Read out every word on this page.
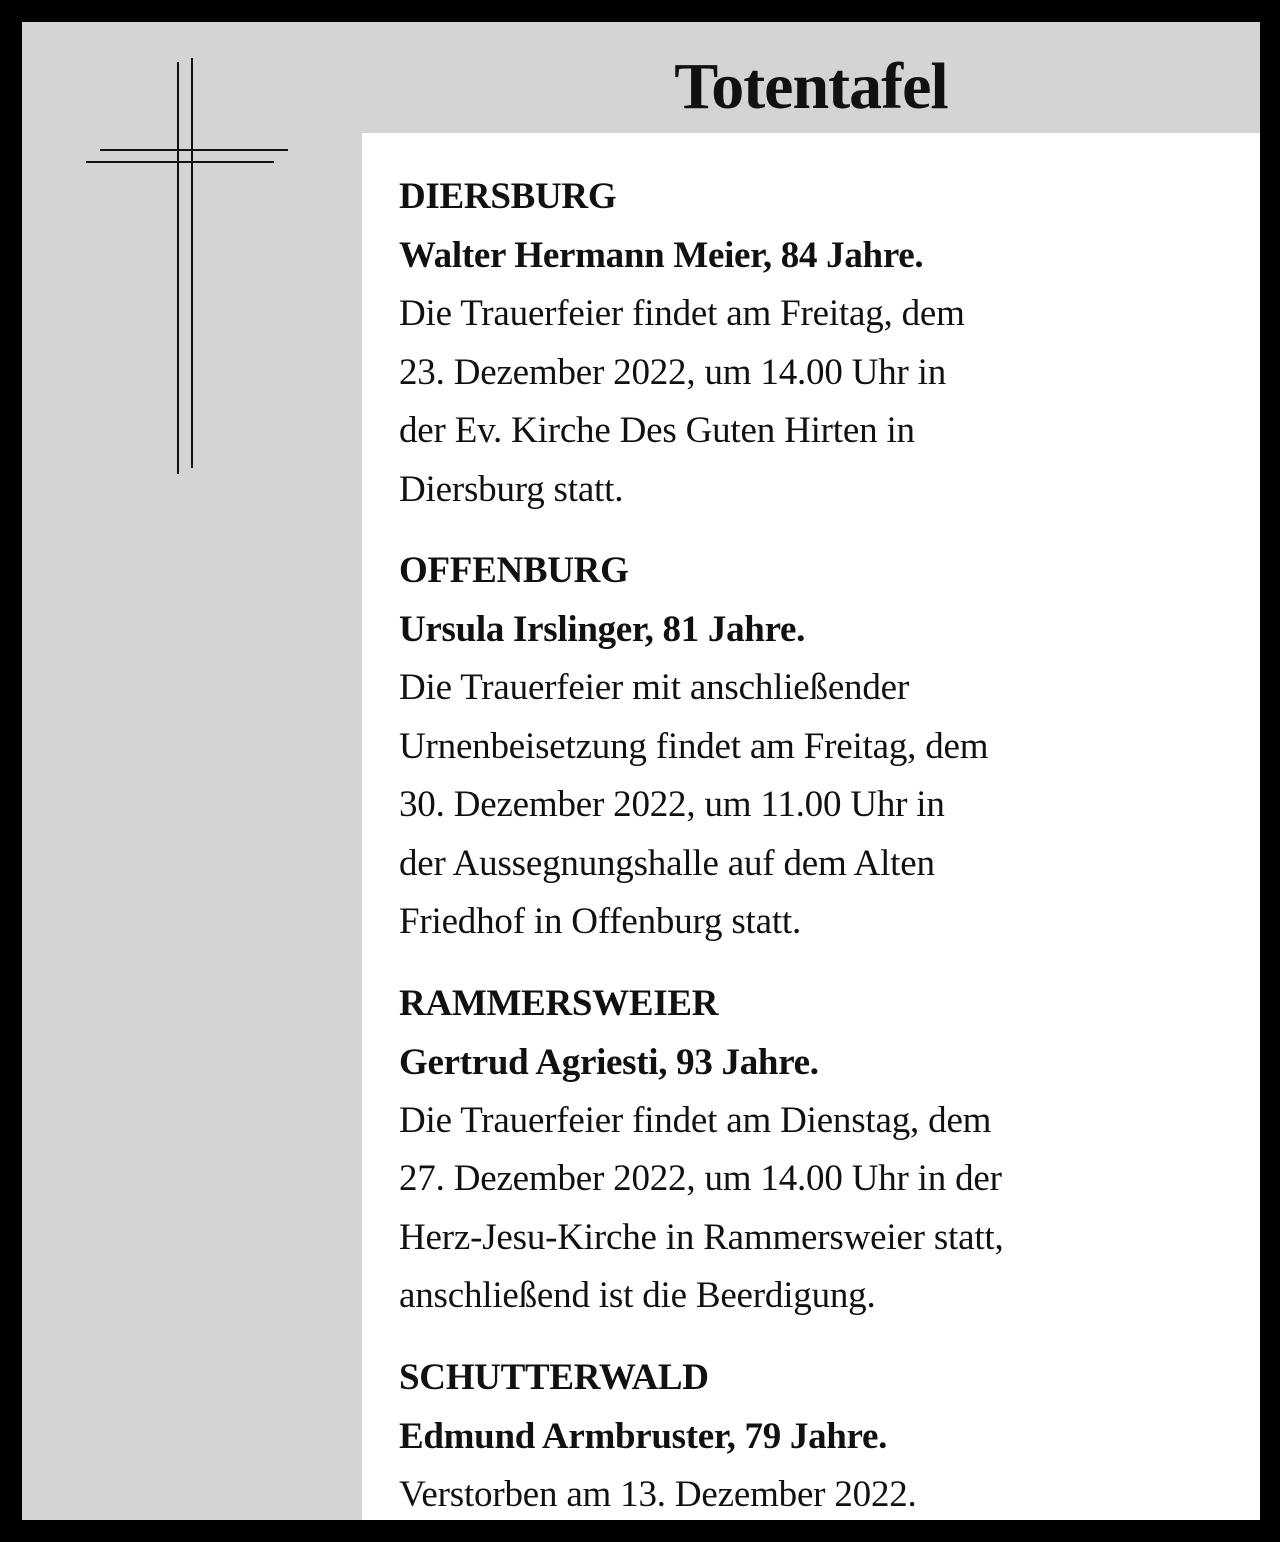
Totentafel
DIERSBURG
Walter Hermann Meier, 84 Jahre.
Die Trauerfeier findet am Freitag, dem
23. Dezember 2022, um 14.00 Uhr in
der Ev. Kirche Des Guten Hirten in
Diersburg statt.
OFFENBURG
Ursula Irslinger, 81 Jahre.
Die Trauerfeier mit anschließender
Urnenbeisetzung findet am Freitag, dem
30. Dezember 2022, um 11.00 Uhr in
der Aussegnungshalle auf dem Alten
Friedhof in Offenburg statt.
RAMMERSWEIER
Gertrud Agriesti, 93 Jahre.
Die Trauerfeier findet am Dienstag, dem
27. Dezember 2022, um 14.00 Uhr in der
Herz-Jesu-Kirche in Rammersweier statt,
anschließend ist die Beerdigung.
SCHUTTERWALD
Edmund Armbruster, 79 Jahre.
Verstorben am 13. Dezember 2022.
